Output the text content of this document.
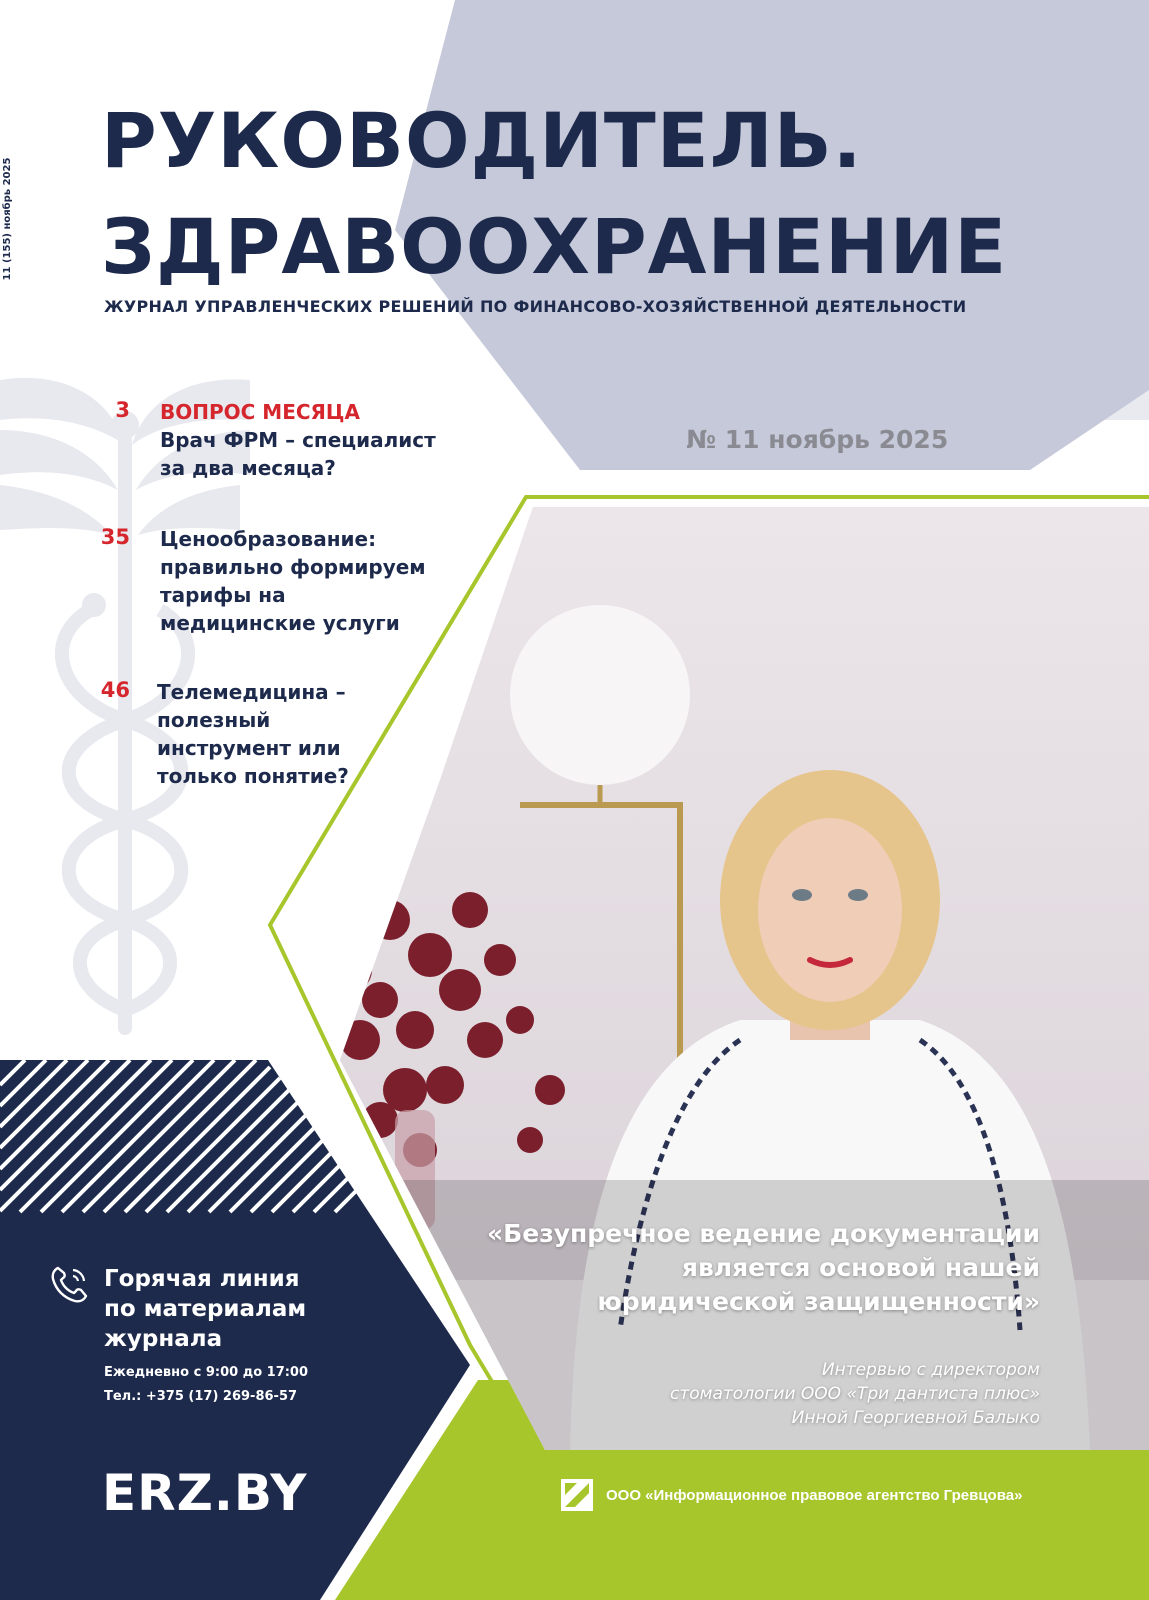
11 (155) ноябрь 2025
РУКОВОДИТЕЛЬ.
ЗДРАВООХРАНЕНИЕ
ЖУРНАЛ УПРАВЛЕНЧЕСКИХ РЕШЕНИЙ ПО ФИНАНСОВО-ХОЗЯЙСТВЕННОЙ ДЕЯТЕЛЬНОСТИ
№ 11 ноябрь 2025
3 ВОПРОС МЕСЯЦА
Врач ФРМ – специалист за два месяца?
35 Ценообразование: правильно формируем тарифы на медицинские услуги
46 Телемедицина – полезный инструмент или только понятие?
«Безупречное ведение документации
является основой нашей
юридической защищенности»
Интервью с директором
стоматологии ООО «Три дантиста плюс»
Инной Георгиевной Балыко
Горячая линия
по материалам
журнала
Ежедневно с 9:00 до 17:00
Тел.: +375 (17) 269-86-57
ERZ.BY	ООО «Информационное правовое агентство Гревцова»
